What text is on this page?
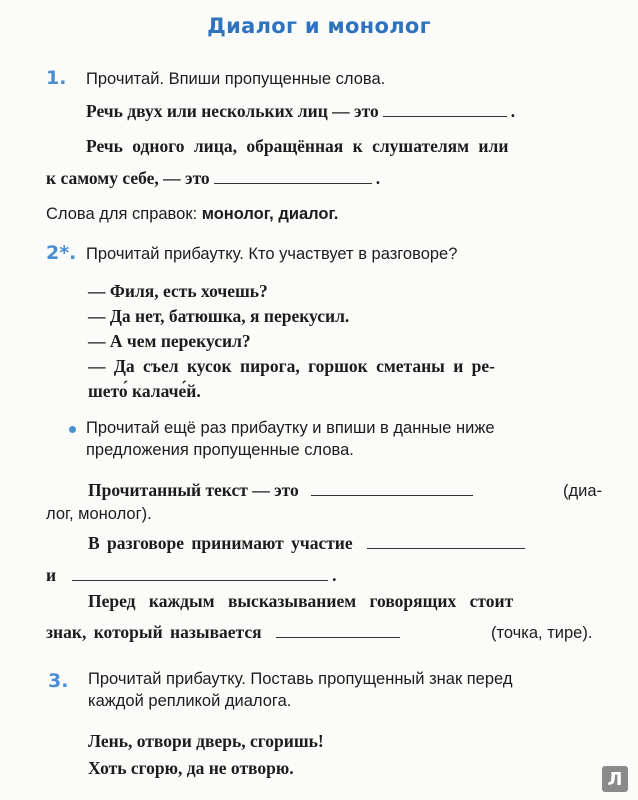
Диалог и монолог
1. Прочитай. Впиши пропущенные слова.
Речь двух или нескольких лиц — это	.
Речь одного лица, обращённая к слушателям или
к самому себе, — это	.
Слова для справок: монолог, диалог.
2*. Прочитай прибаутку. Кто участвует в разговоре?
— Филя, есть хочешь?
— Да нет, батюшка, я перекусил.
— А чем перекусил?
— Да съел кусок пирога, горшок сметаны и ре-
шето́ калаче́й.
Прочитай ещё раз прибаутку и впиши в данные ниже
предложения пропущенные слова.
Прочитанный текст — это	(диа-
лог, монолог).
В разговоре принимают участие
и	.
Перед каждым высказыванием говорящих стоит
знак, который называется	(точка, тире).
3. Прочитай прибаутку. Поставь пропущенный знак перед
каждой репликой диалога.
Лень, отвори дверь, сгоришь!
Хоть сгорю, да не отворю.
Л
